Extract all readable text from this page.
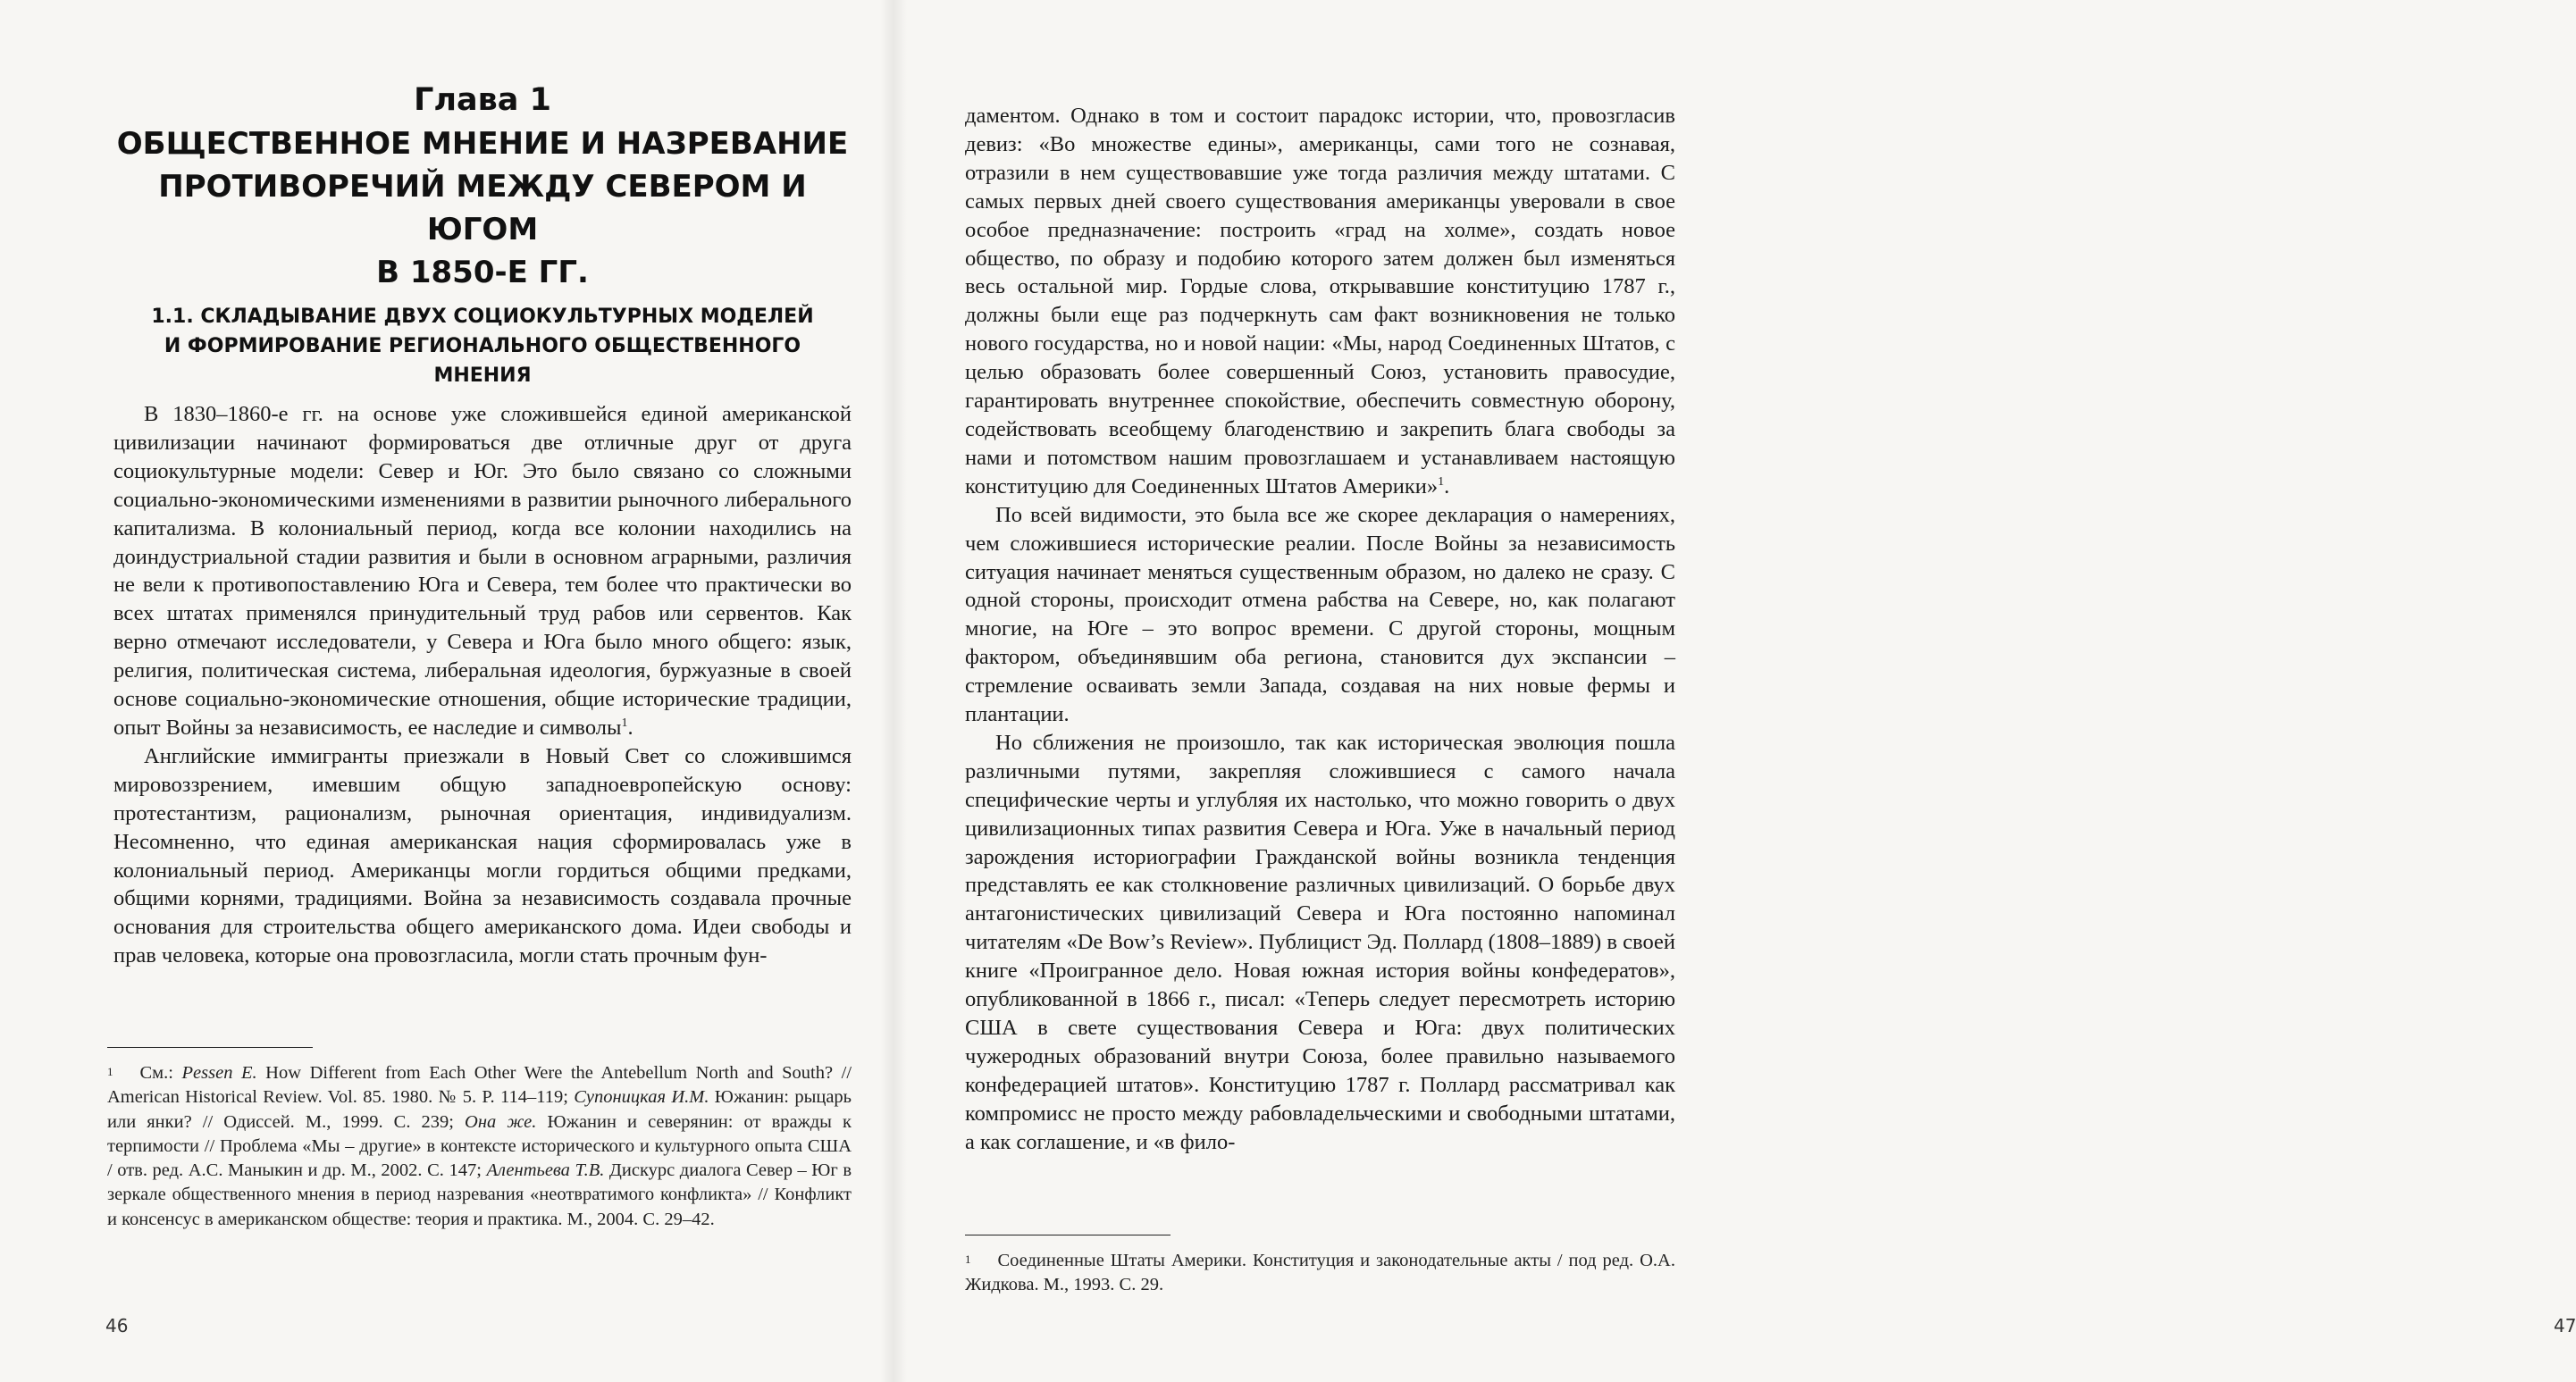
Глава 1
ОБЩЕСТВЕННОЕ МНЕНИЕ И НАЗРЕВАНИЕ
ПРОТИВОРЕЧИЙ МЕЖДУ СЕВЕРОМ И ЮГОМ
В 1850-Е ГГ.
1.1. СКЛАДЫВАНИЕ ДВУХ СОЦИОКУЛЬТУРНЫХ МОДЕЛЕЙ
И ФОРМИРОВАНИЕ РЕГИОНАЛЬНОГО ОБЩЕСТВЕННОГО
МНЕНИЯ

В 1830–1860-е гг. на основе уже сложившейся единой американской цивилизации начинают формироваться две отличные друг от друга социокультурные модели: Север и Юг. Это было связано со сложными социально-экономическими изменениями в развитии рыночного либерального капитализма. В колониальный период, когда все колонии находились на доиндустриальной стадии развития и были в основном аграрными, различия не вели к противопоставлению Юга и Севера, тем более что практически во всех штатах применялся принудительный труд рабов или сервентов. Как верно отмечают исследователи, у Севера и Юга было много общего: язык, религия, политическая система, либеральная идеология, буржуазные в своей основе социально-экономические отношения, общие исторические традиции, опыт Войны за независимость, ее наследие и символы$^1$.

Английские иммигранты приезжали в Новый Свет со сложившимся мировоззрением, имевшим общую западноевропейскую основу: протестантизм, рационализм, рыночная ориентация, индивидуализм. Несомненно, что единая американская нация сформировалась уже в колониальный период. Американцы могли гордиться общими предками, общими корнями, традициями. Война за независимость создавала прочные основания для строительства общего американского дома. Идеи свободы и прав человека, которые она провозгласила, могли стать прочным фун-

$^1$ См.: Pessen E. How Different from Each Other Were the Antebellum North and South? // American Historical Review. Vol. 85. 1980. № 5. P. 114–119; Супоницкая И.М. Южанин: рыцарь или янки? // Одиссей. М., 1999. С. 239; Она же. Южанин и северянин: от вражды к терпимости // Проблема «Мы – другие» в контексте исторического и культурного опыта США / отв. ред. А.С. Маныкин и др. М., 2002. С. 147; Алентьева Т.В. Дискурс диалога Север – Юг в зеркале общественного мнения в период назревания «неотвратимого конфликта» // Конфликт и консенсус в американском обществе: теория и практика. М., 2004. С. 29–42.
46

даментом. Однако в том и состоит парадокс истории, что, провозгласив девиз: «Во множестве едины», американцы, сами того не сознавая, отразили в нем существовавшие уже тогда различия между штатами. С самых первых дней своего существования американцы уверовали в свое особое предназначение: построить «град на холме», создать новое общество, по образу и подобию которого затем должен был изменяться весь остальной мир. Гордые слова, открывавшие конституцию 1787 г., должны были еще раз подчеркнуть сам факт возникновения не только нового государства, но и новой нации: «Мы, народ Соединенных Штатов, с целью образовать более совершенный Союз, установить правосудие, гарантировать внутреннее спокойствие, обеспечить совместную оборону, содействовать всеобщему благоденствию и закрепить блага свободы за нами и потомством нашим провозглашаем и устанавливаем настоящую конституцию для Соединенных Штатов Америки»$^1$.

По всей видимости, это была все же скорее декларация о намерениях, чем сложившиеся исторические реалии. После Войны за независимость ситуация начинает меняться существенным образом, но далеко не сразу. С одной стороны, происходит отмена рабства на Севере, но, как полагают многие, на Юге – это вопрос времени. С другой стороны, мощным фактором, объединявшим оба региона, становится дух экспансии – стремление осваивать земли Запада, создавая на них новые фермы и плантации.

Но сближения не произошло, так как историческая эволюция пошла различными путями, закрепляя сложившиеся с самого начала специфические черты и углубляя их настолько, что можно говорить о двух цивилизационных типах развития Севера и Юга. Уже в начальный период зарождения историографии Гражданской войны возникла тенденция представлять ее как столкновение различных цивилизаций. О борьбе двух антагонистических цивилизаций Севера и Юга постоянно напоминал читателям «De Bow’s Review». Публицист Эд. Поллард (1808–1889) в своей книге «Проигранное дело. Новая южная история войны конфедератов», опубликованной в 1866 г., писал: «Теперь следует пересмотреть историю США в свете существования Севера и Юга: двух политических чужеродных образований внутри Союза, более правильно называемого конфедерацией штатов». Конституцию 1787 г. Поллард рассматривал как компромисс не просто между рабовладельческими и свободными штатами, а как соглашение, и «в фило-

$^1$ Соединенные Штаты Америки. Конституция и законодательные акты / под ред. О.А. Жидкова. М., 1993. С. 29.
47
